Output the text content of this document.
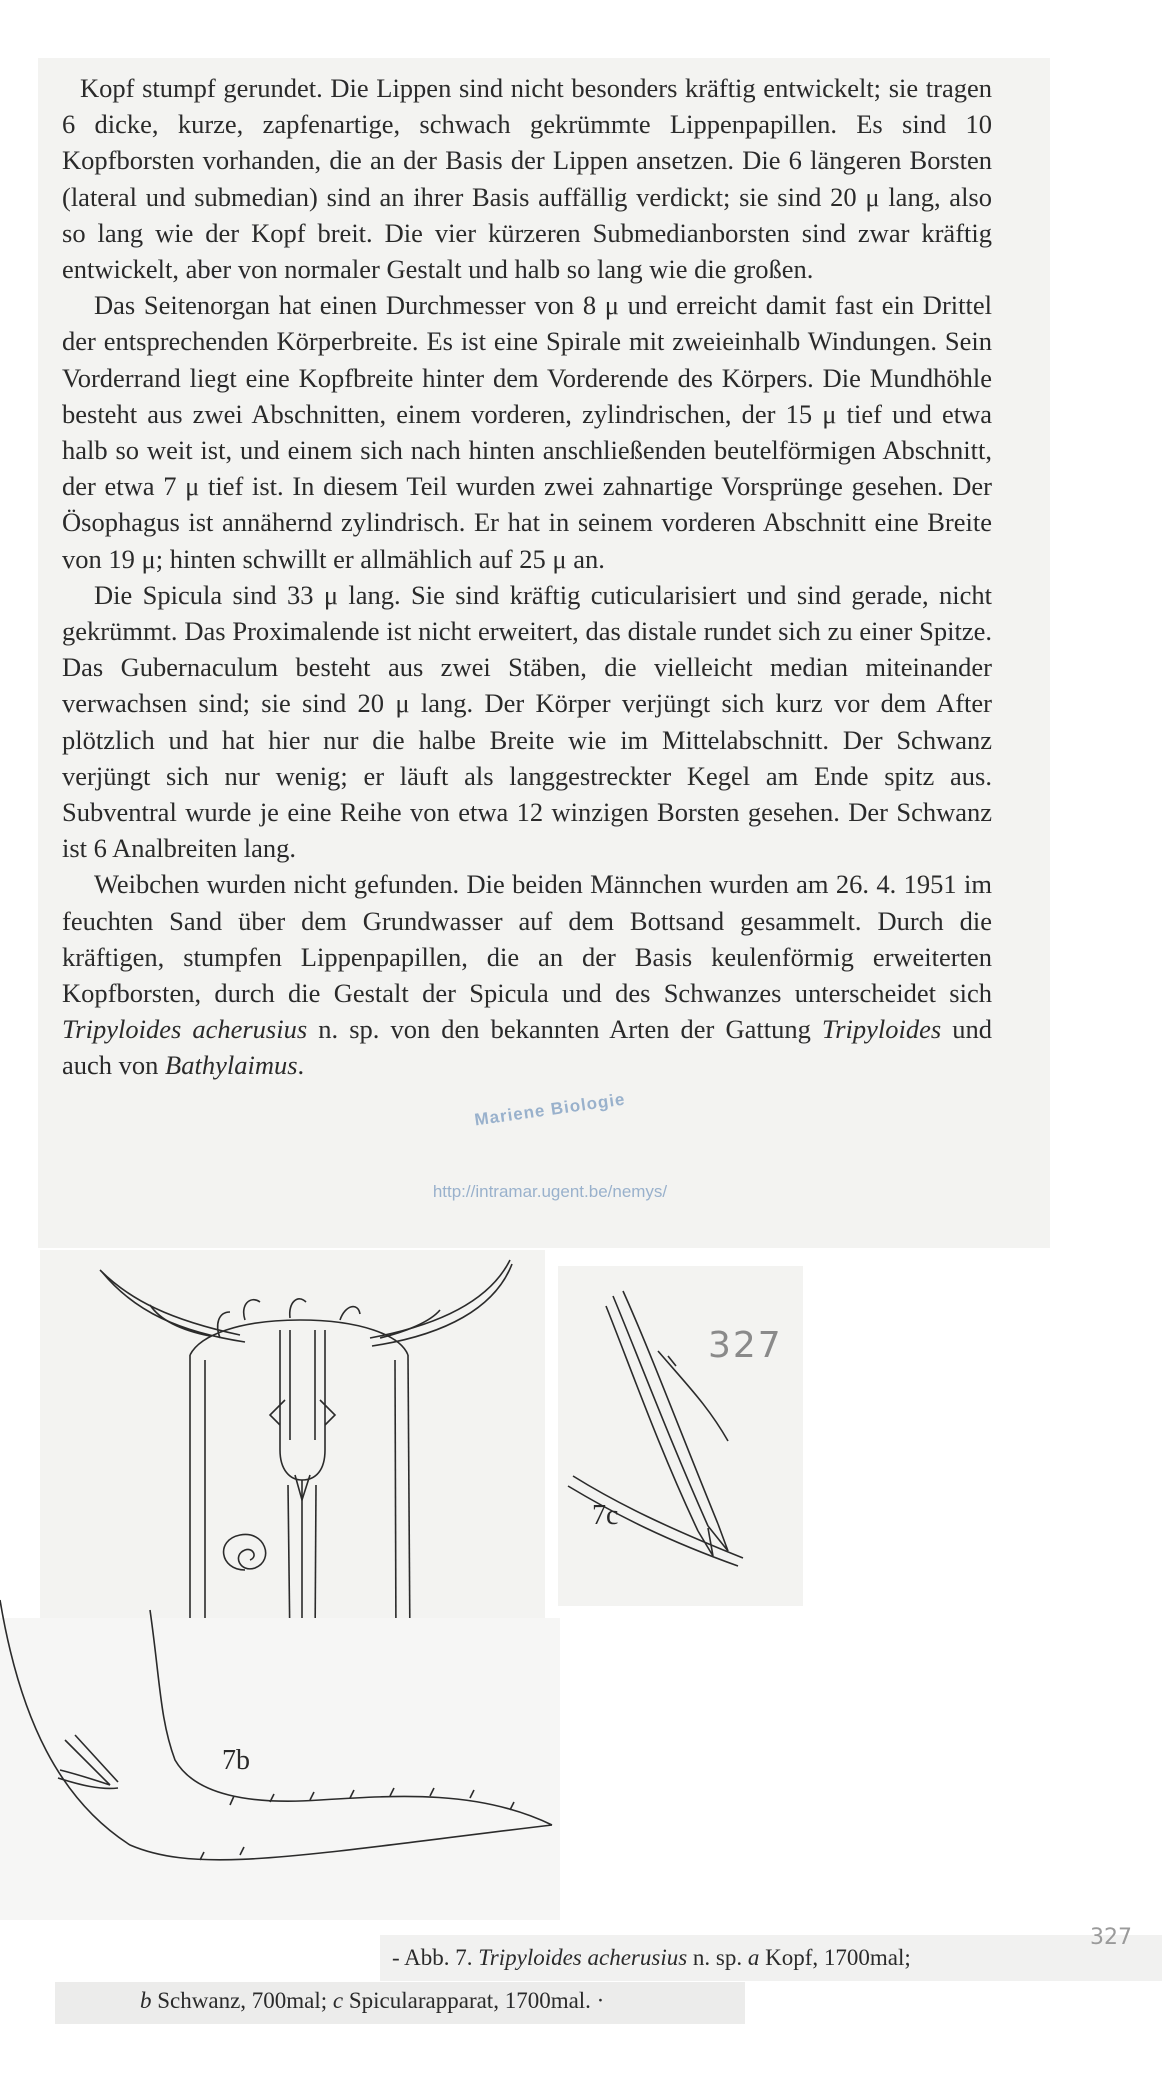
Kopf stumpf gerundet. Die Lippen sind nicht besonders kräftig entwickelt; sie tragen 6 dicke, kurze, zapfenartige, schwach gekrümmte Lippenpapillen. Es sind 10 Kopfborsten vorhanden, die an der Basis der Lippen ansetzen. Die 6 längeren Borsten (lateral und submedian) sind an ihrer Basis auffällig verdickt; sie sind 20 μ lang, also so lang wie der Kopf breit. Die vier kürzeren Submedianborsten sind zwar kräftig entwickelt, aber von normaler Gestalt und halb so lang wie die großen.

Das Seitenorgan hat einen Durchmesser von 8 μ und erreicht damit fast ein Drittel der entsprechenden Körperbreite. Es ist eine Spirale mit zweieinhalb Windungen. Sein Vorderrand liegt eine Kopfbreite hinter dem Vorderende des Körpers. Die Mundhöhle besteht aus zwei Abschnitten, einem vorderen, zylindrischen, der 15 μ tief und etwa halb so weit ist, und einem sich nach hinten anschließenden beutelförmigen Abschnitt, der etwa 7 μ tief ist. In diesem Teil wurden zwei zahnartige Vorsprünge gesehen. Der Ösophagus ist annähernd zylindrisch. Er hat in seinem vorderen Abschnitt eine Breite von 19 μ; hinten schwillt er allmählich auf 25 μ an.

Die Spicula sind 33 μ lang. Sie sind kräftig cuticularisiert und sind gerade, nicht gekrümmt. Das Proximalende ist nicht erweitert, das distale rundet sich zu einer Spitze. Das Gubernaculum besteht aus zwei Stäben, die vielleicht median miteinander verwachsen sind; sie sind 20 μ lang. Der Körper verjüngt sich kurz vor dem After plötzlich und hat hier nur die halbe Breite wie im Mittelabschnitt. Der Schwanz verjüngt sich nur wenig; er läuft als langgestreckter Kegel am Ende spitz aus. Subventral wurde je eine Reihe von etwa 12 winzigen Borsten gesehen. Der Schwanz ist 6 Analbreiten lang.

Weibchen wurden nicht gefunden. Die beiden Männchen wurden am 26. 4. 1951 im feuchten Sand über dem Grundwasser auf dem Bottsand gesammelt. Durch die kräftigen, stumpfen Lippenpapillen, die an der Basis keulenförmig erweiterten Kopfborsten, durch die Gestalt der Spicula und des Schwanzes unterscheidet sich Tripyloides acherusius n. sp. von den bekannten Arten der Gattung Tripyloides und auch von Bathylaimus.

Mariene Biologie
http://intramar.ugent.be/nemys/
7c
327
7b
- Abb. 7. Tripyloides acherusius n. sp. a Kopf, 1700mal;
b Schwanz, 700mal; c Spicularapparat, 1700mal. ·
327
